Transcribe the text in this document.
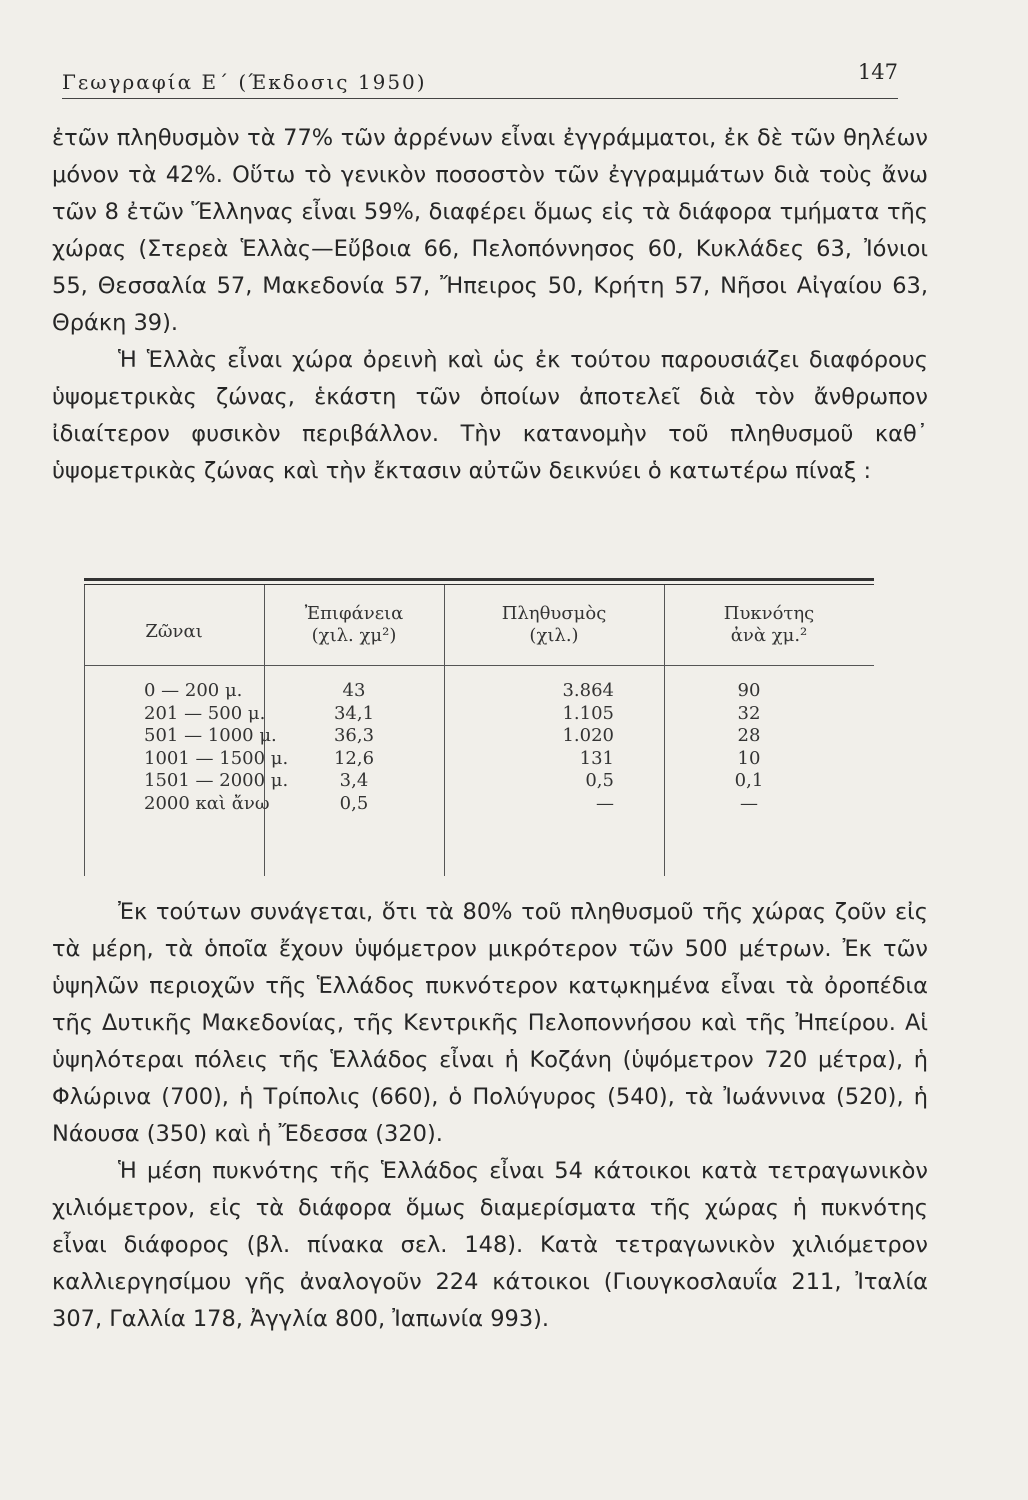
Γεωγραφία Ε΄ (Έκδοσις 1950)	147

ἐτῶν πληθυσμὸν τὰ 77% τῶν ἀρρένων εἶναι ἐγγράμματοι, ἐκ δὲ τῶν θηλέων μόνον τὰ 42%. Οὕτω τὸ γενικὸν ποσοστὸν τῶν ἐγγραμμάτων διὰ τοὺς ἄνω τῶν 8 ἐτῶν Ἕλληνας εἶναι 59%, διαφέρει ὅμως εἰς τὰ διάφορα τμήματα τῆς χώρας (Στερεὰ Ἑλλὰς—Εὔβοια 66, Πελοπόννησος 60, Κυκλάδες 63, Ἰόνιοι 55, Θεσσαλία 57, Μακεδονία 57, Ἤπειρος 50, Κρήτη 57, Νῆσοι Αἰγαίου 63, Θράκη 39).

Ἡ Ἑλλὰς εἶναι χώρα ὀρεινὴ καὶ ὡς ἐκ τούτου παρουσιάζει διαφόρους ὑψομετρικὰς ζώνας, ἑκάστη τῶν ὁποίων ἀποτελεῖ διὰ τὸν ἄνθρωπον ἰδιαίτερον φυσικὸν περιβάλλον. Τὴν κατανομὴν τοῦ πληθυσμοῦ καθ᾽ ὑψομετρικὰς ζώνας καὶ τὴν ἔκτασιν αὐτῶν δεικνύει ὁ κατωτέρω πίναξ :

Ζῶναι
Ἐπιφάνεια
(χιλ. χμ²)
Πληθυσμὸς
(χιλ.)
Πυκνότης
ἀνὰ χμ.²
0 — 200 μ.
201 — 500 μ.
501 — 1000 μ.
1001 — 1500 μ.
1501 — 2000 μ.
2000 καὶ ἄνω
43
34,1
36,3
12,6
3,4
0,5
3.864
1.105
1.020
131
0,5
—
90
32
28
10
0,1
—

Ἐκ τούτων συνάγεται, ὅτι τὰ 80% τοῦ πληθυσμοῦ τῆς χώρας ζοῦν εἰς τὰ μέρη, τὰ ὁποῖα ἔχουν ὑψόμετρον μικρότερον τῶν 500 μέτρων. Ἐκ τῶν ὑψηλῶν περιοχῶν τῆς Ἑλλάδος πυκνότερον κατῳκημένα εἶναι τὰ ὀροπέδια τῆς Δυτικῆς Μακεδονίας, τῆς Κεντρικῆς Πελοποννήσου καὶ τῆς Ἠπείρου. Αἱ ὑψηλότεραι πόλεις τῆς Ἑλλάδος εἶναι ἡ Κοζάνη (ὑψόμετρον 720 μέτρα), ἡ Φλώρινα (700), ἡ Τρίπολις (660), ὁ Πολύγυρος (540), τὰ Ἰωάννινα (520), ἡ Νάουσα (350) καὶ ἡ Ἔδεσσα (320).

Ἡ μέση πυκνότης τῆς Ἑλλάδος εἶναι 54 κάτοικοι κατὰ τετραγωνικὸν χιλιόμετρον, εἰς τὰ διάφορα ὅμως διαμερίσματα τῆς χώρας ἡ πυκνότης εἶναι διάφορος (βλ. πίνακα σελ. 148). Κατὰ τετραγωνικὸν χιλιόμετρον καλλιεργησίμου γῆς ἀναλογοῦν 224 κάτοικοι (Γιουγκοσλαυΐα 211, Ἰταλία 307, Γαλλία 178, Ἀγγλία 800, Ἰαπωνία 993).
